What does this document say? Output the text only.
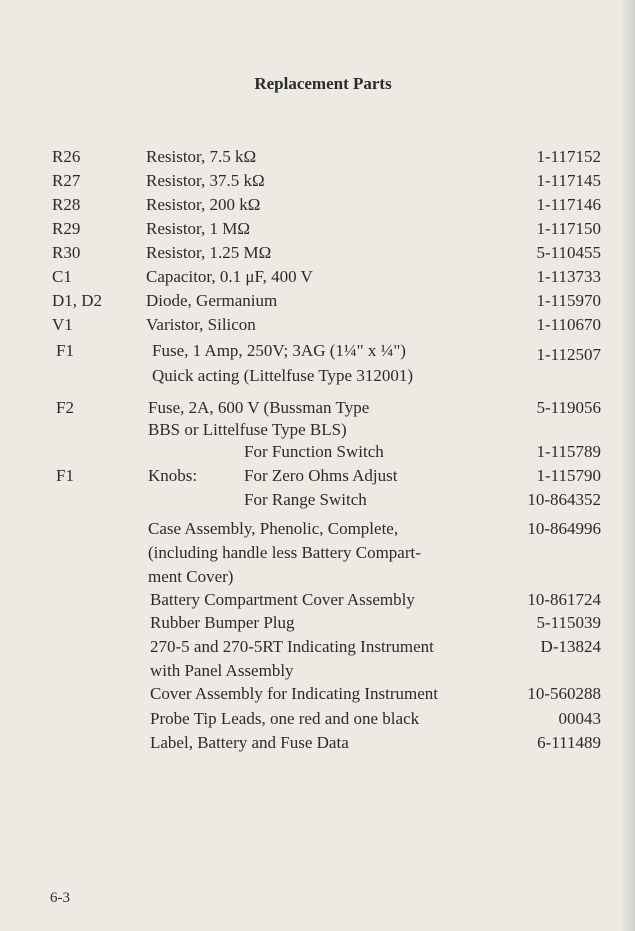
Replacement Parts
R26	Resistor, 7.5 kΩ	1-117152
R27	Resistor, 37.5 kΩ	1-117145
R28	Resistor, 200 kΩ	1-117146
R29	Resistor, 1 MΩ	1-117150
R30	Resistor, 1.25 MΩ	5-110455
C1	Capacitor, 0.1 μF, 400 V	1-113733
D1, D2	Diode, Germanium	1-115970
V1	Varistor, Silicon	1-110670
F1	Fuse, 1 Amp, 250V; 3AG (1¼" x ¼")	1-112507
Quick acting (Littelfuse Type 312001)
F2	Fuse, 2A, 600 V (Bussman Type	5-119056
BBS or Littelfuse Type BLS)
For Function Switch	1-115789
F1	Knobs:	For Zero Ohms Adjust	1-115790
For Range Switch	10-864352
Case Assembly, Phenolic, Complete,	10-864996
(including handle less Battery Compart-
ment Cover)
Battery Compartment Cover Assembly	10-861724
Rubber Bumper Plug	5-115039
270-5 and 270-5RT Indicating Instrument	D-13824
with Panel Assembly
Cover Assembly for Indicating Instrument	10-560288
Probe Tip Leads, one red and one black	00043
Label, Battery and Fuse Data	6-111489
6-3
